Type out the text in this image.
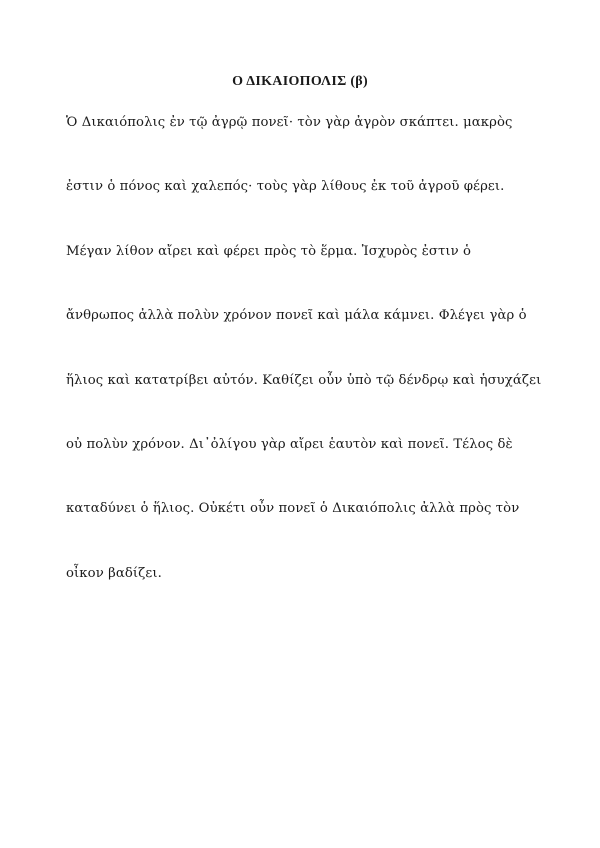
Ο ΔΙΚΑΙΟΠΟΛΙΣ (β)
Ὁ Δικαιόπολις ἐν τῷ ἀγρῷ πονεῖ· τὸν γὰρ ἀγρὸν σκάπτει. μακρὸς
ἐστιν ὁ πόνος καὶ χαλεπός· τοὺς γὰρ λίθους ἐκ τοῦ ἀγροῦ φέρει.
Μέγαν λίθον αἴρει καὶ φέρει πρὸς τὸ ἕρμα. Ἰσχυρὸς ἐστιν ὁ
ἄνθρωπος ἀλλὰ πολὺν χρόνον πονεῖ καὶ μάλα κάμνει. Φλέγει γὰρ ὁ
ἥλιος καὶ κατατρίβει αὐτόν. Καθίζει οὖν ὑπὸ τῷ δένδρῳ καὶ ἡσυχάζει
οὐ πολὺν χρόνον. Δι᾽ὀλίγου γὰρ αἴρει ἑαυτὸν καὶ πονεῖ. Τέλος δὲ
καταδύνει ὁ ἥλιος. Οὐκέτι οὖν πονεῖ ὁ Δικαιόπολις ἀλλὰ πρὸς τὸν
οἶκον βαδίζει.
